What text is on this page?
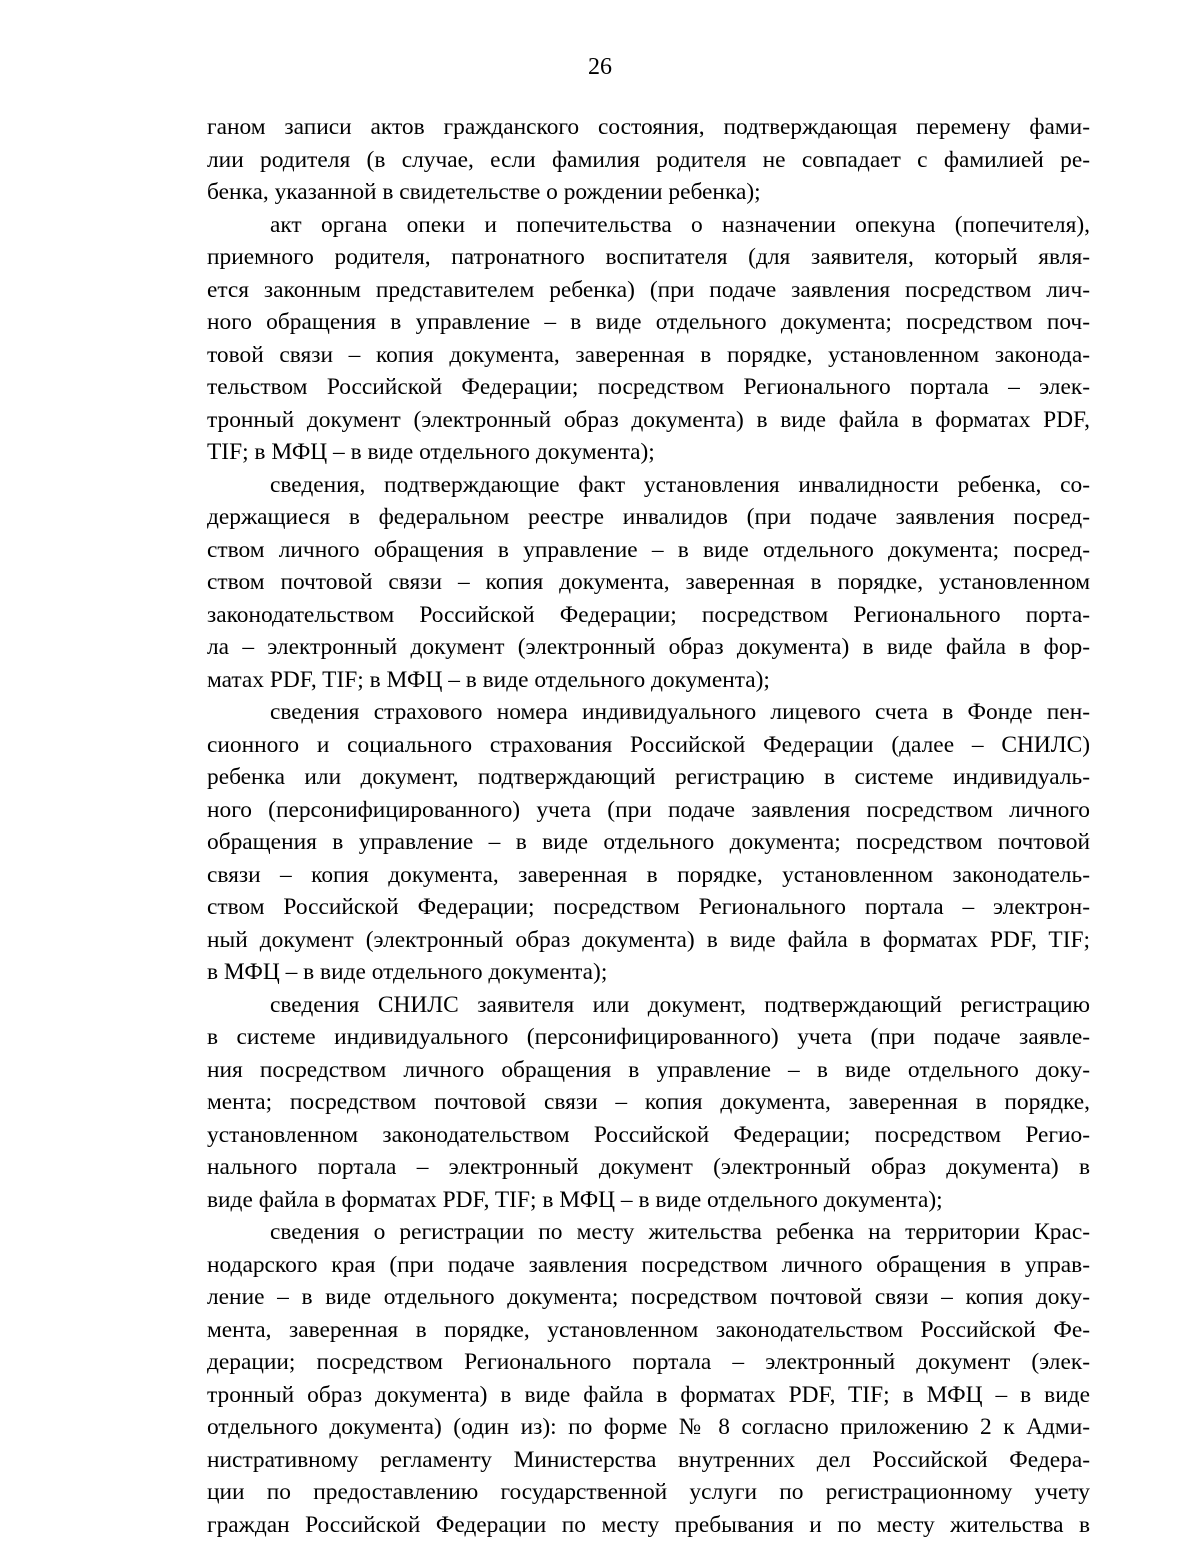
26
ганом записи актов гражданского состояния, подтверждающая перемену фами-
лии родителя (в случае, если фамилия родителя не совпадает с фамилией ре-
бенка, указанной в свидетельстве о рождении ребенка);
акт органа опеки и попечительства о назначении опекуна (попечителя),
приемного родителя, патронатного воспитателя (для заявителя, который явля-
ется законным представителем ребенка) (при подаче заявления посредством лич-
ного обращения в управление – в виде отдельного документа; посредством поч-
товой связи – копия документа, заверенная в порядке, установленном законода-
тельством Российской Федерации; посредством Регионального портала – элек-
тронный документ (электронный образ документа) в виде файла в форматах PDF,
TIF; в МФЦ – в виде отдельного документа);
сведения, подтверждающие факт установления инвалидности ребенка, со-
держащиеся в федеральном реестре инвалидов (при подаче заявления посред-
ством личного обращения в управление – в виде отдельного документа; посред-
ством почтовой связи – копия документа, заверенная в порядке, установленном
законодательством Российской Федерации; посредством Регионального порта-
ла – электронный документ (электронный образ документа) в виде файла в фор-
матах PDF, TIF; в МФЦ – в виде отдельного документа);
сведения страхового номера индивидуального лицевого счета в Фонде пен-
сионного и социального страхования Российской Федерации (далее – СНИЛС)
ребенка или документ, подтверждающий регистрацию в системе индивидуаль-
ного (персонифицированного) учета (при подаче заявления посредством личного
обращения в управление – в виде отдельного документа; посредством почтовой
связи – копия документа, заверенная в порядке, установленном законодатель-
ством Российской Федерации; посредством Регионального портала – электрон-
ный документ (электронный образ документа) в виде файла в форматах PDF, TIF;
в МФЦ – в виде отдельного документа);
сведения СНИЛС заявителя или документ, подтверждающий регистрацию
в системе индивидуального (персонифицированного) учета (при подаче заявле-
ния посредством личного обращения в управление – в виде отдельного доку-
мента; посредством почтовой связи – копия документа, заверенная в порядке,
установленном законодательством Российской Федерации; посредством Регио-
нального портала – электронный документ (электронный образ документа) в
виде файла в форматах PDF, TIF; в МФЦ – в виде отдельного документа);
сведения о регистрации по месту жительства ребенка на территории Крас-
нодарского края (при подаче заявления посредством личного обращения в управ-
ление – в виде отдельного документа; посредством почтовой связи – копия доку-
мента, заверенная в порядке, установленном законодательством Российской Фе-
дерации; посредством Регионального портала – электронный документ (элек-
тронный образ документа) в виде файла в форматах PDF, TIF; в МФЦ – в виде
отдельного документа) (один из): по форме № 8 согласно приложению 2 к Адми-
нистративному регламенту Министерства внутренних дел Российской Федера-
ции по предоставлению государственной услуги по регистрационному учету
граждан Российской Федерации по месту пребывания и по месту жительства в
